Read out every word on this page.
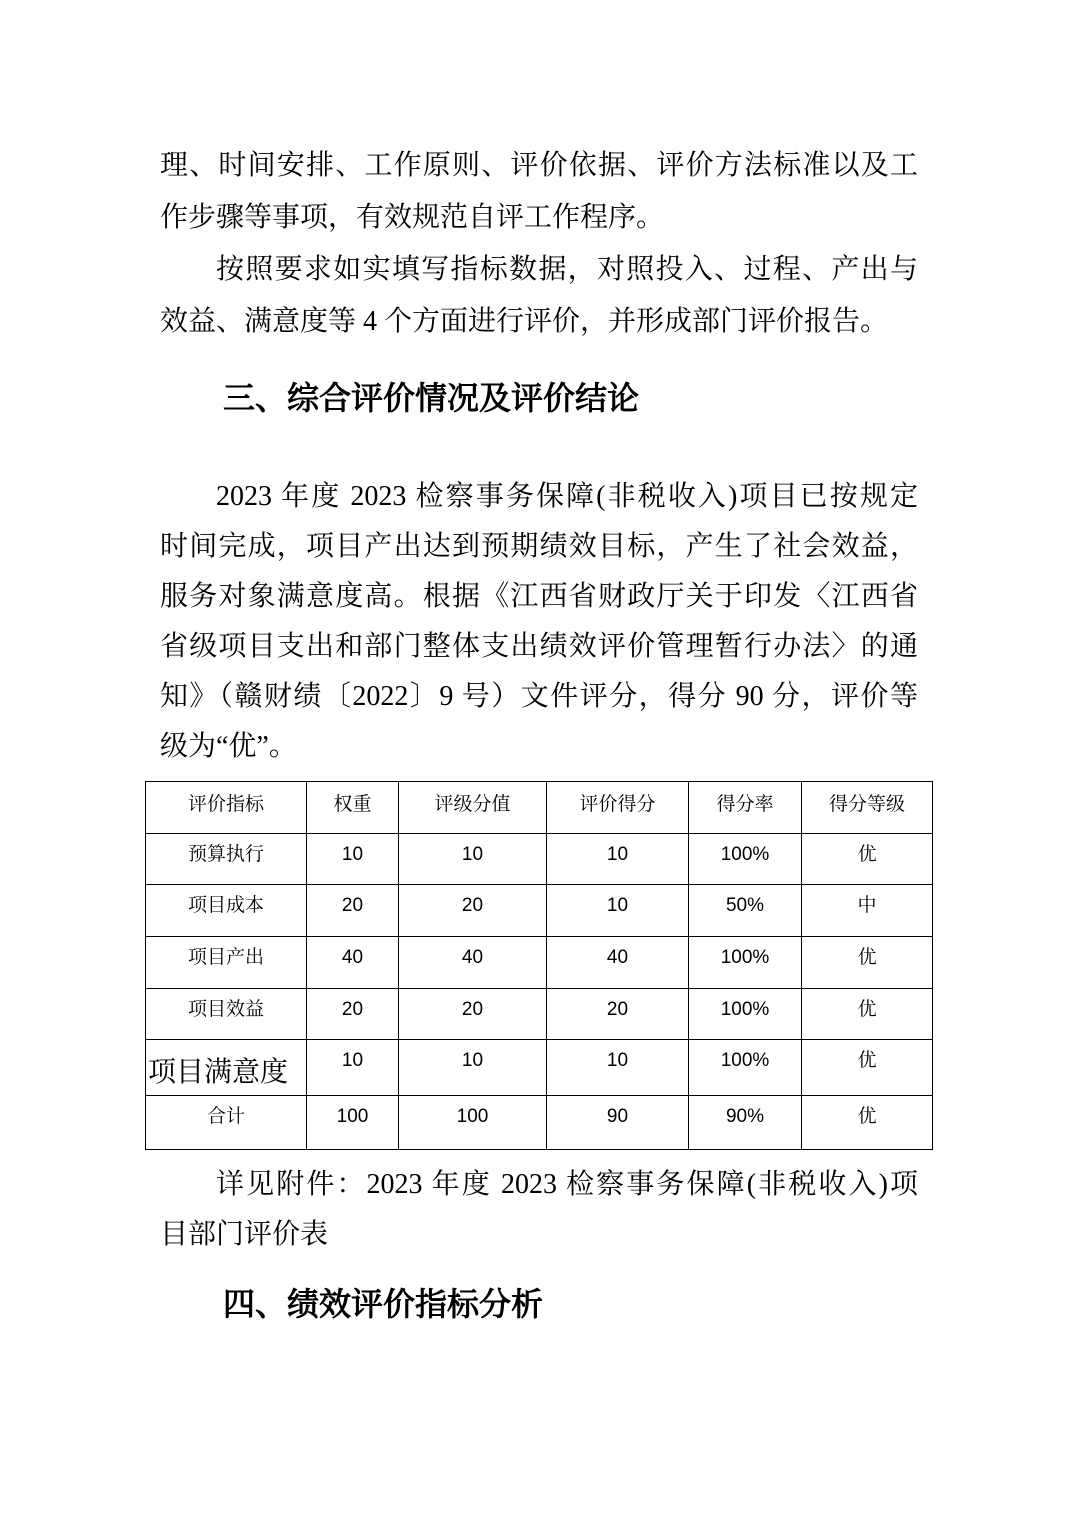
理、时间安排、工作原则、评价依据、评价方法标准以及工
作步骤等事项，有效规范自评工作程序。
按照要求如实填写指标数据，对照投入、过程、产出与
效益、满意度等 4 个方面进行评价，并形成部门评价报告。
三、综合评价情况及评价结论
2023 年度 2023 检察事务保障(非税收入)项目已按规定
时间完成，项目产出达到预期绩效目标，产生了社会效益，
服务对象满意度高。根据《江西省财政厅关于印发〈江西省
省级项目支出和部门整体支出绩效评价管理暂行办法〉的通
知》（赣财绩〔2022〕9 号）文件评分，得分 90 分，评价等
级为“优”。
评价指标	权重	评级分值	评价得分	得分率	得分等级
预算执行	10	10	10	100%	优
项目成本	20	20	10	50%	中
项目产出	40	40	40	100%	优
项目效益	20	20	20	100%	优
项目满意度	10	10	10	100%	优
合计	100	100	90	90%	优
详见附件：2023 年度 2023 检察事务保障(非税收入)项
目部门评价表
四、绩效评价指标分析
